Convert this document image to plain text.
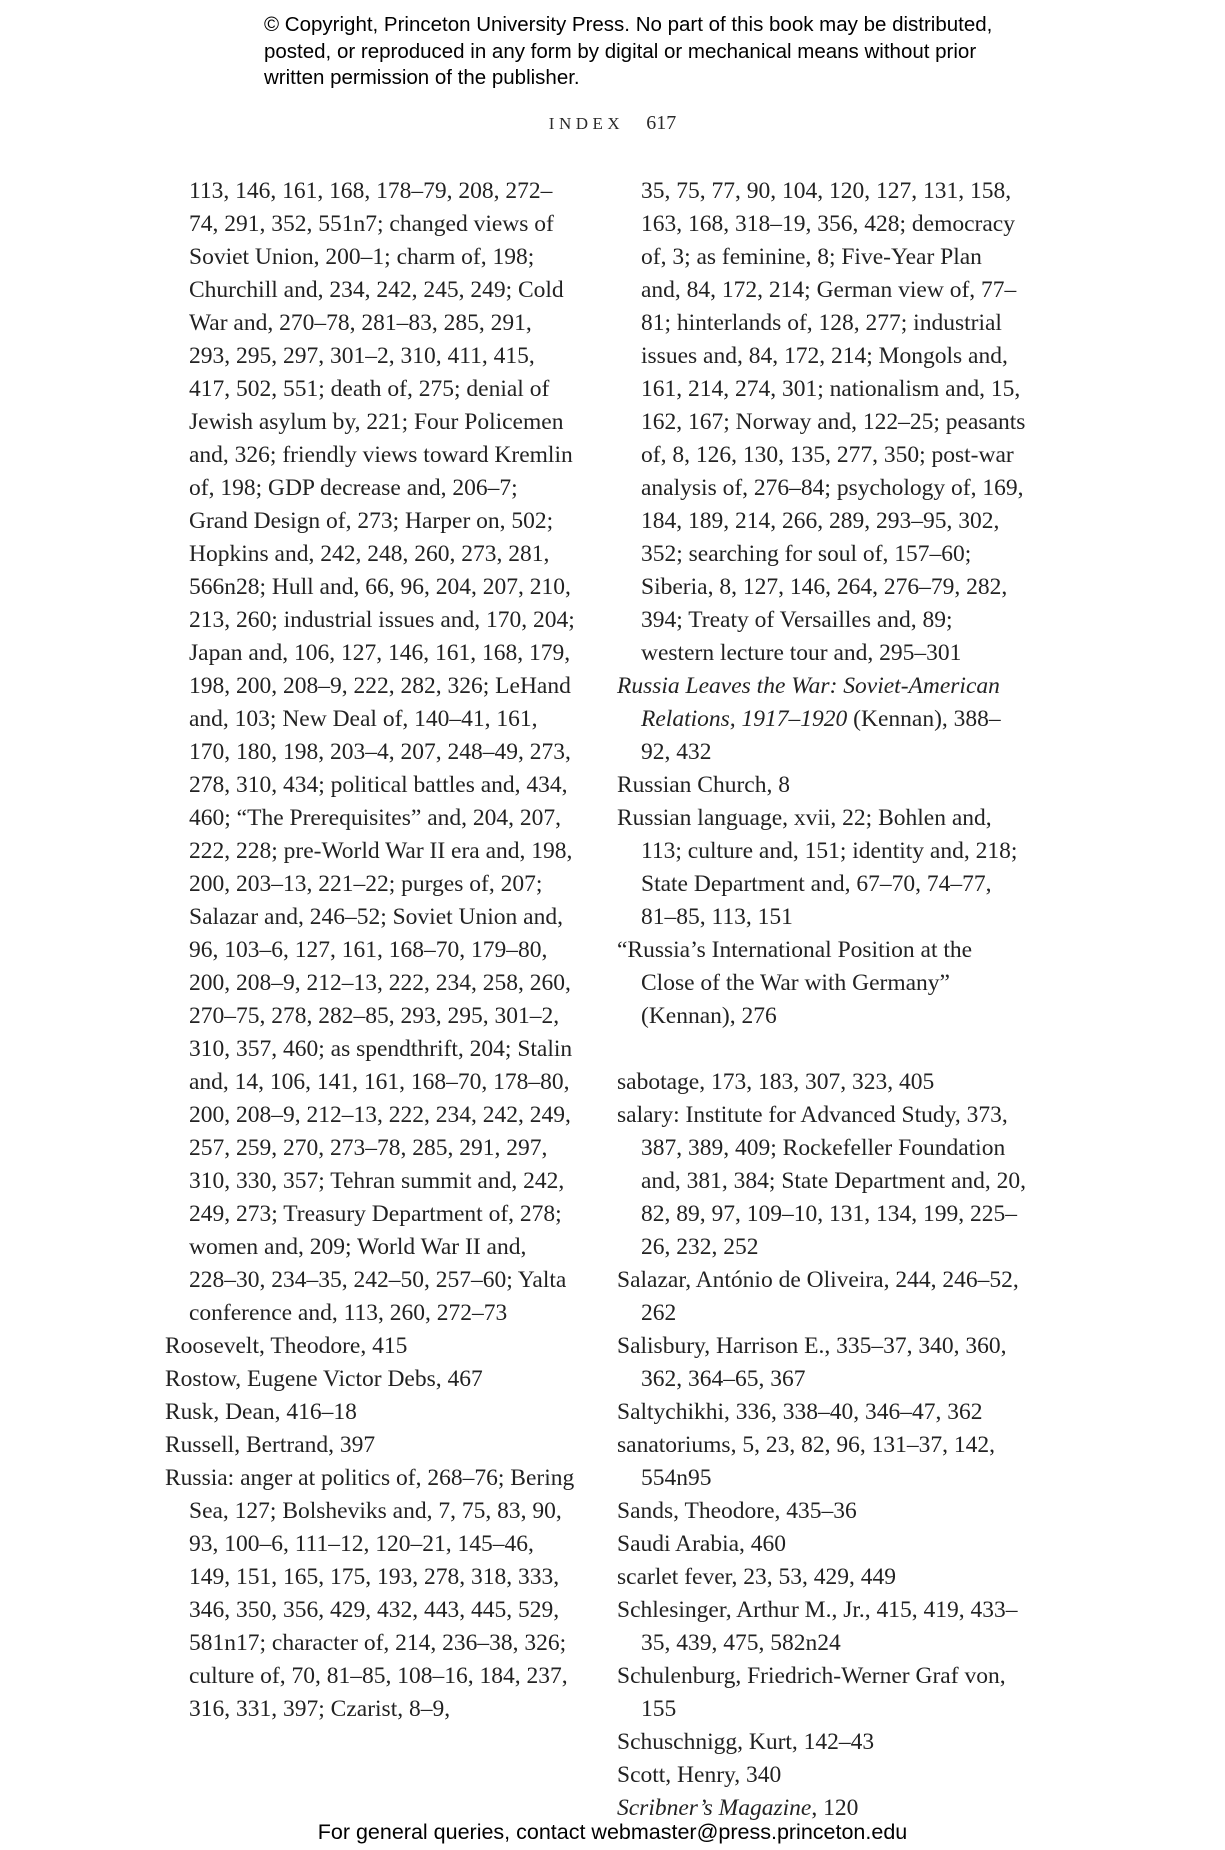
© Copyright, Princeton University Press. No part of this book may be distributed, posted, or reproduced in any form by digital or mechanical means without prior written permission of the publisher.
INDEX 617
113, 146, 161, 168, 178–79, 208, 272–74, 291, 352, 551n7; changed views of Soviet Union, 200–1; charm of, 198; Churchill and, 234, 242, 245, 249; Cold War and, 270–78, 281–83, 285, 291, 293, 295, 297, 301–2, 310, 411, 415, 417, 502, 551; death of, 275; denial of Jewish asylum by, 221; Four Policemen and, 326; friendly views toward Kremlin of, 198; GDP decrease and, 206–7; Grand Design of, 273; Harper on, 502; Hopkins and, 242, 248, 260, 273, 281, 566n28; Hull and, 66, 96, 204, 207, 210, 213, 260; industrial issues and, 170, 204; Japan and, 106, 127, 146, 161, 168, 179, 198, 200, 208–9, 222, 282, 326; LeHand and, 103; New Deal of, 140–41, 161, 170, 180, 198, 203–4, 207, 248–49, 273, 278, 310, 434; political battles and, 434, 460; “The Prerequisites” and, 204, 207, 222, 228; pre-World War II era and, 198, 200, 203–13, 221–22; purges of, 207; Salazar and, 246–52; Soviet Union and, 96, 103–6, 127, 161, 168–70, 179–80, 200, 208–9, 212–13, 222, 234, 258, 260, 270–75, 278, 282–85, 293, 295, 301–2, 310, 357, 460; as spendthrift, 204; Stalin and, 14, 106, 141, 161, 168–70, 178–80, 200, 208–9, 212–13, 222, 234, 242, 249, 257, 259, 270, 273–78, 285, 291, 297, 310, 330, 357; Tehran summit and, 242, 249, 273; Treasury Department of, 278; women and, 209; World War II and, 228–30, 234–35, 242–50, 257–60; Yalta conference and, 113, 260, 272–73
Roosevelt, Theodore, 415
Rostow, Eugene Victor Debs, 467
Rusk, Dean, 416–18
Russell, Bertrand, 397
Russia: anger at politics of, 268–76; Bering Sea, 127; Bolsheviks and, 7, 75, 83, 90, 93, 100–6, 111–12, 120–21, 145–46, 149, 151, 165, 175, 193, 278, 318, 333, 346, 350, 356, 429, 432, 443, 445, 529, 581n17; character of, 214, 236–38, 326; culture of, 70, 81–85, 108–16, 184, 237, 316, 331, 397; Czarist, 8–9,
35, 75, 77, 90, 104, 120, 127, 131, 158, 163, 168, 318–19, 356, 428; democracy of, 3; as feminine, 8; Five-Year Plan and, 84, 172, 214; German view of, 77–81; hinterlands of, 128, 277; industrial issues and, 84, 172, 214; Mongols and, 161, 214, 274, 301; nationalism and, 15, 162, 167; Norway and, 122–25; peasants of, 8, 126, 130, 135, 277, 350; post-war analysis of, 276–84; psychology of, 169, 184, 189, 214, 266, 289, 293–95, 302, 352; searching for soul of, 157–60; Siberia, 8, 127, 146, 264, 276–79, 282, 394; Treaty of Versailles and, 89; western lecture tour and, 295–301
Russia Leaves the War: Soviet-American Relations, 1917–1920 (Kennan), 388–92, 432
Russian Church, 8
Russian language, xvii, 22; Bohlen and, 113; culture and, 151; identity and, 218; State Department and, 67–70, 74–77, 81–85, 113, 151
“Russia’s International Position at the Close of the War with Germany” (Kennan), 276
sabotage, 173, 183, 307, 323, 405
salary: Institute for Advanced Study, 373, 387, 389, 409; Rockefeller Foundation and, 381, 384; State Department and, 20, 82, 89, 97, 109–10, 131, 134, 199, 225–26, 232, 252
Salazar, António de Oliveira, 244, 246–52, 262
Salisbury, Harrison E., 335–37, 340, 360, 362, 364–65, 367
Saltychikhi, 336, 338–40, 346–47, 362
sanatoriums, 5, 23, 82, 96, 131–37, 142, 554n95
Sands, Theodore, 435–36
Saudi Arabia, 460
scarlet fever, 23, 53, 429, 449
Schlesinger, Arthur M., Jr., 415, 419, 433–35, 439, 475, 582n24
Schulenburg, Friedrich-Werner Graf von, 155
Schuschnigg, Kurt, 142–43
Scott, Henry, 340
Scribner’s Magazine, 120
For general queries, contact webmaster@press.princeton.edu
